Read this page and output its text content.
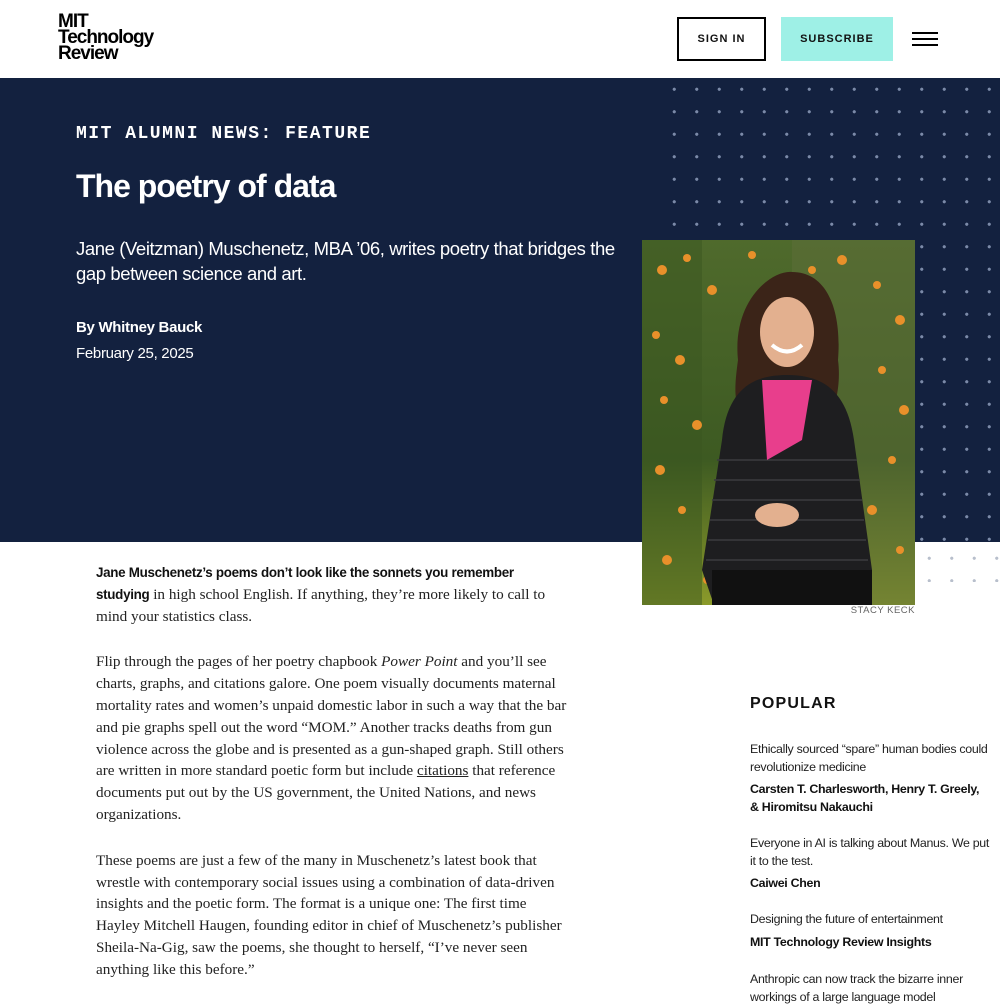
MIT
Technology
Review
SIGN IN	SUBSCRIBE
MIT ALUMNI NEWS: FEATURE
The poetry of data
Jane (Veitzman) Muschenetz, MBA ’06, writes poetry that bridges the gap between science and art.
By Whitney Bauck
February 25, 2025
STACY KECK

Jane Muschenetz’s poems don’t look like the sonnets you remember studying in high school English. If anything, they’re more likely to call to mind your statistics class.

Flip through the pages of her poetry chapbook Power Point and you’ll see charts, graphs, and citations galore. One poem visually documents maternal mortality rates and women’s unpaid domestic labor in such a way that the bar and pie graphs spell out the word “MOM.” Another tracks deaths from gun violence across the globe and is presented as a gun-shaped graph. Still others are written in more standard poetic form but include citations that reference documents put out by the US government, the United Nations, and news organizations.

These poems are just a few of the many in Muschenetz’s latest book that wrestle with contemporary social issues using a combination of data-driven insights and the poetic form. The format is a unique one: The first time Hayley Mitchell Haugen, founding editor in chief of Muschenetz’s publisher Sheila-Na-Gig, saw the poems, she thought to herself, “I’ve never seen anything like this before.”

POPULAR
Ethically sourced “spare” human bodies could revolutionize medicine
Carsten T. Charlesworth, Henry T. Greely, & Hiromitsu Nakauchi
Everyone in AI is talking about Manus. We put it to the test.
Caiwei Chen
Designing the future of entertainment
MIT Technology Review Insights
Anthropic can now track the bizarre inner workings of a large language model
